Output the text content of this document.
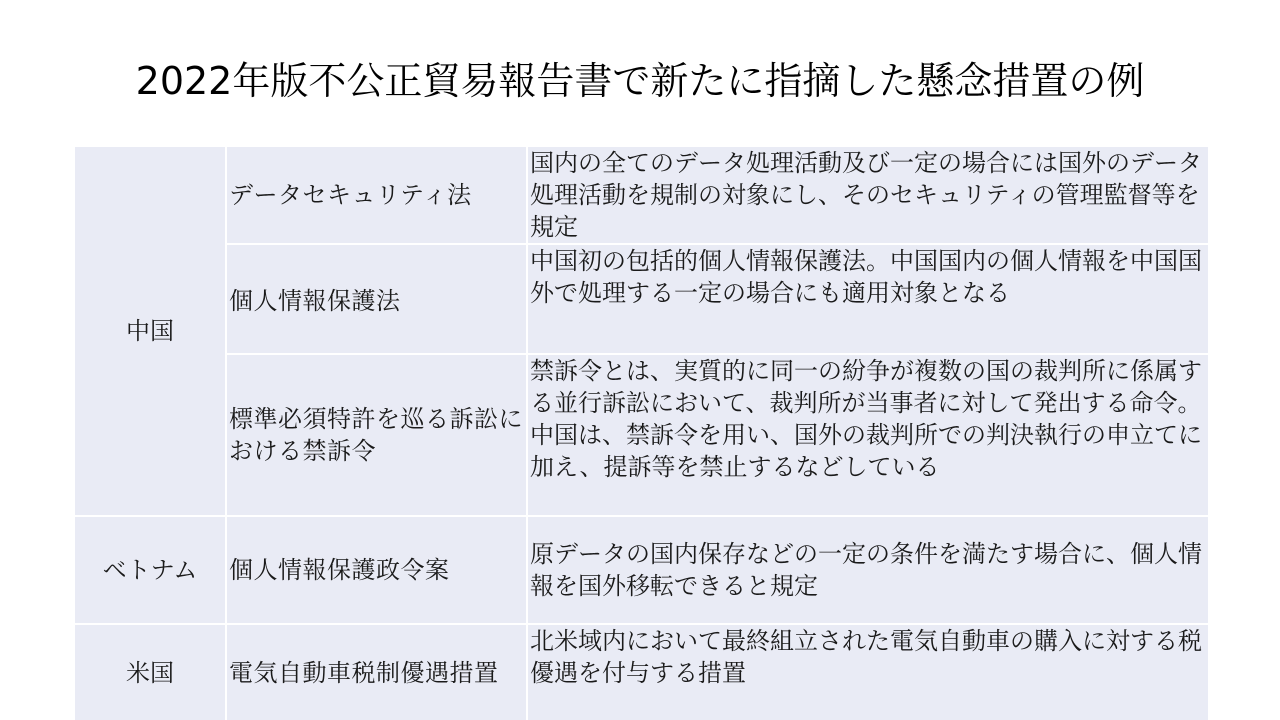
2022年版不公正貿易報告書で新たに指摘した懸念措置の例
中国	データセキュリティ法	国内の全てのデータ処理活動及び一定の場合には国外のデータ処理活動を規制の対象にし、そのセキュリティの管理監督等を規定
	個人情報保護法	中国初の包括的個人情報保護法。中国国内の個人情報を中国国外で処理する一定の場合にも適用対象となる
	標準必須特許を巡る訴訟における禁訴令	禁訴令とは、実質的に同一の紛争が複数の国の裁判所に係属する並行訴訟において、裁判所が当事者に対して発出する命令。中国は、禁訴令を用い、国外の裁判所での判決執行の申立てに加え、提訴等を禁止するなどしている
ベトナム	個人情報保護政令案	原データの国内保存などの一定の条件を満たす場合に、個人情報を国外移転できると規定
米国	電気自動車税制優遇措置	北米域内において最終組立された電気自動車の購入に対する税優遇を付与する措置
